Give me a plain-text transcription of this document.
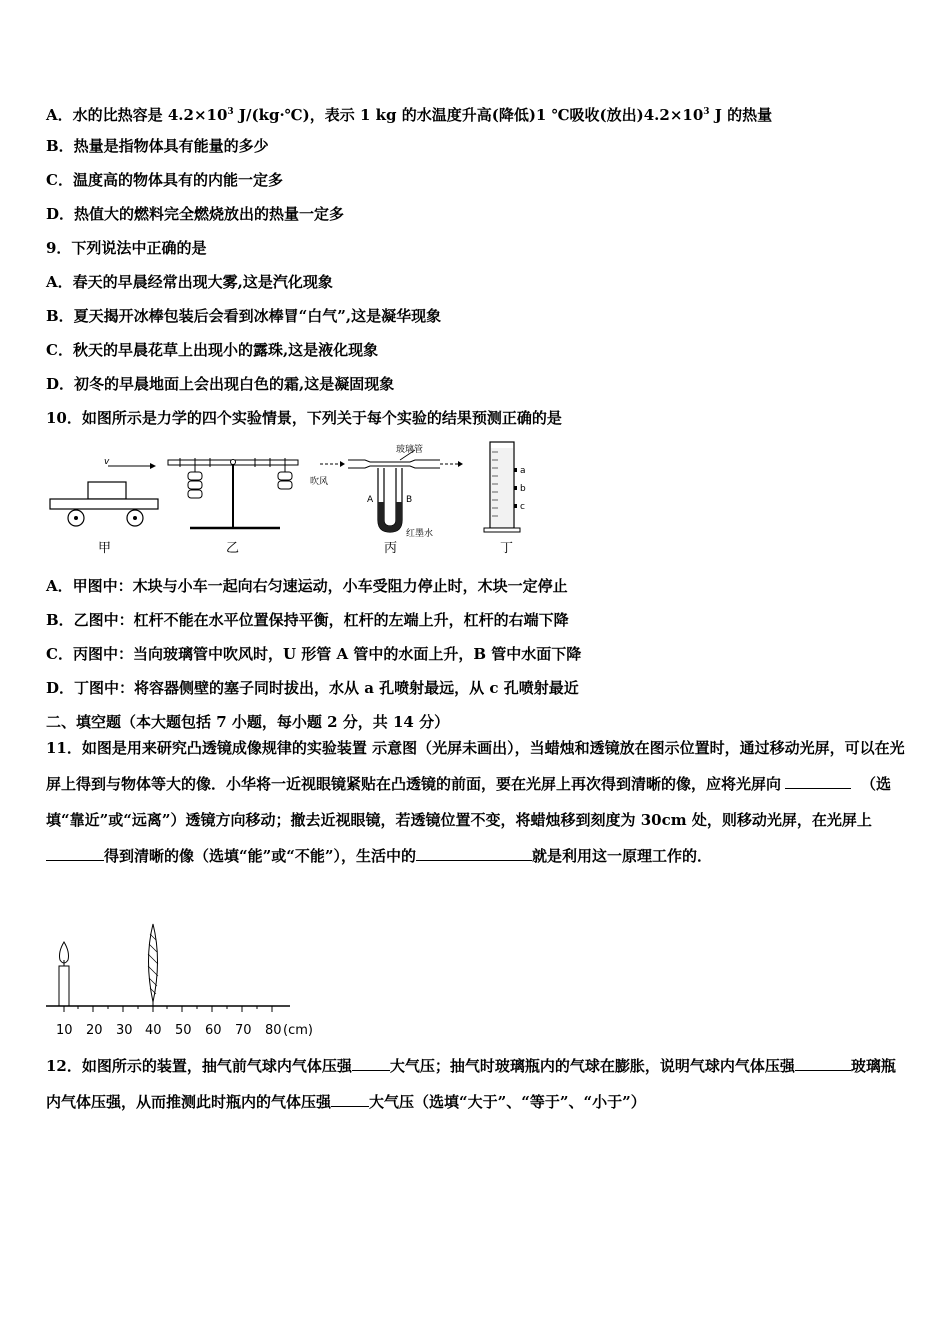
A．水的比热容是 $4.2\times 10^3$ J/(kg·℃)，表示 1 kg 的水温度升高(降低)1 ℃吸收(放出)$4.2\times 10^3$ J 的热量
B．热量是指物体具有能量的多少
C．温度高的物体具有的内能一定多
D．热值大的燃料完全燃烧放出的热量一定多
9．下列说法中正确的是
A．春天的早晨经常出现大雾,这是汽化现象
B．夏天揭开冰棒包装后会看到冰棒冒“白气”,这是凝华现象
C．秋天的早晨花草上出现小的露珠,这是液化现象
D．初冬的早晨地面上会出现白色的霜,这是凝固现象
10．如图所示是力学的四个实验情景，下列关于每个实验的结果预测正确的是
v
甲	乙
吹风
玻璃管
A	B
红墨水
丙
a
b
c
丁
A．甲图中：木块与小车一起向右匀速运动，小车受阻力停止时，木块一定停止
B．乙图中：杠杆不能在水平位置保持平衡，杠杆的左端上升，杠杆的右端下降
C．丙图中：当向玻璃管中吹风时，U 形管 A 管中的水面上升，B 管中水面下降
D．丁图中：将容器侧壁的塞子同时拔出，水从 a 孔喷射最远，从 c 孔喷射最近
二、填空题（本大题包括 7 小题，每小题 2 分，共 14 分）
11．如图是用来研究凸透镜成像规律的实验装置 示意图（光屏未画出），当蜡烛和透镜放在图示位置时，通过移动光屏，可以在光屏上得到与物体等大的像．小华将一近视眼镜紧贴在凸透镜的前面，要在光屏上再次得到清晰的像，应将光屏向	（选填“靠近”或“远离”）透镜方向移动；撤去近视眼镜，若透镜位置不变，将蜡烛移到刻度为 30cm 处，则移动光屏，在光屏上得到清晰的像（选填“能”或“不能”），生活中的	就是利用这一原理工作的．
10 20 30 40 50 60 70 80 (cm)
12．如图所示的装置，抽气前气球内气体压强	大气压；抽气时玻璃瓶内的气球在膨胀，说明气球内气体压强	玻璃瓶内气体压强，从而推测此时瓶内的气体压强	大气压（选填“大于”、“等于”、“小于”）
